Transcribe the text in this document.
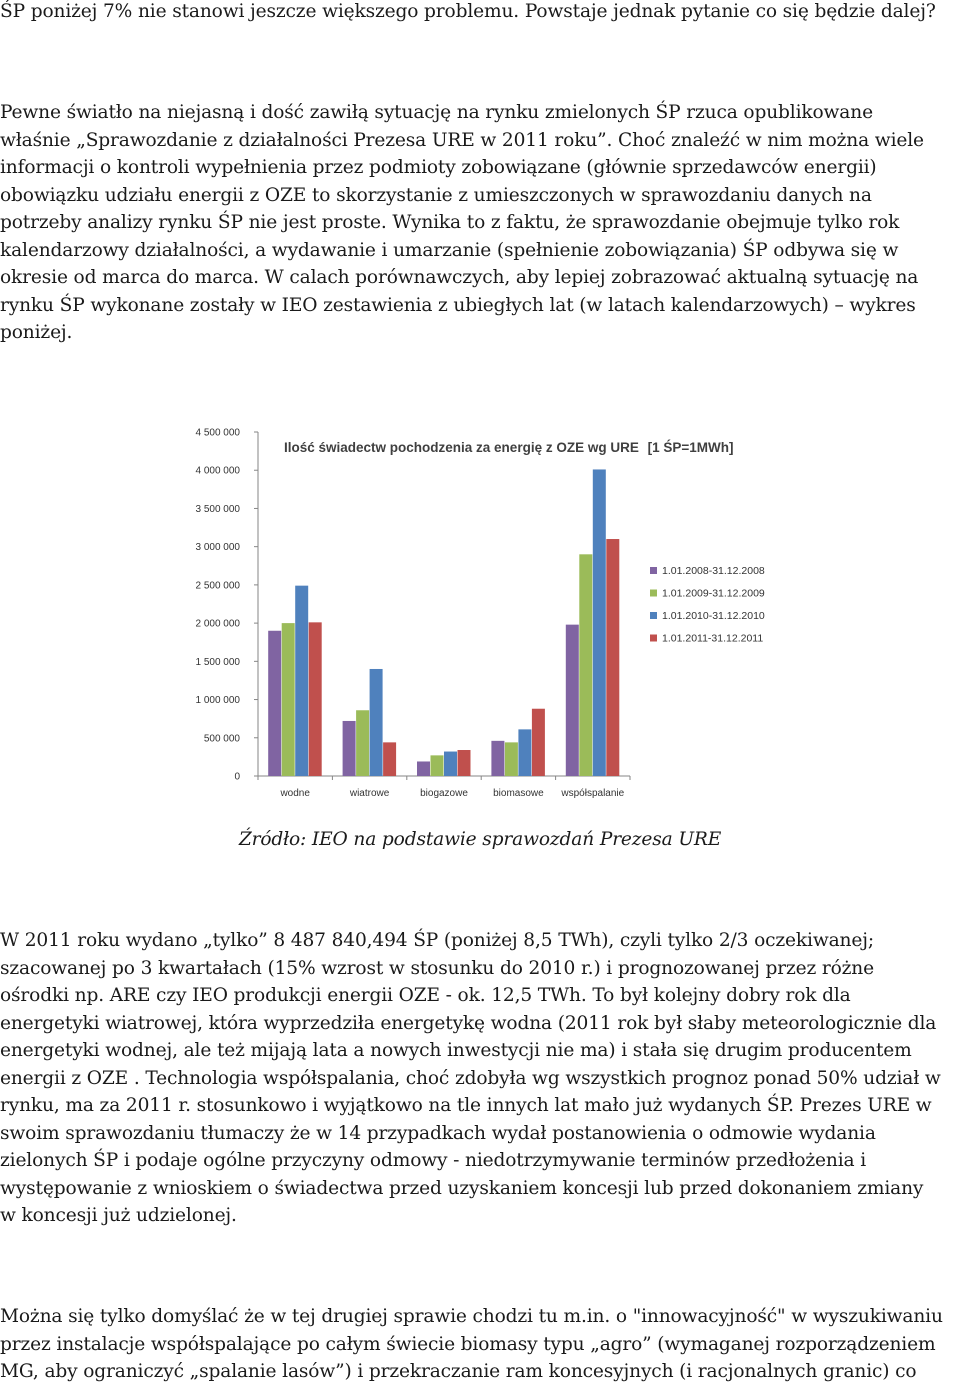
ŚP poniżej 7% nie stanowi jeszcze większego problemu. Powstaje jednak pytanie co się będzie dalej?
Pewne światło na niejasną i dość zawiłą sytuację na rynku zmielonych ŚP rzuca opublikowane
właśnie „Sprawozdanie z działalności Prezesa URE w 2011 roku”. Choć znaleźć w nim można wiele
informacji o kontroli wypełnienia przez podmioty zobowiązane (głównie sprzedawców energii)
obowiązku udziału energii z OZE to skorzystanie z umieszczonych w sprawozdaniu danych na
potrzeby analizy rynku ŚP nie jest proste. Wynika to z faktu, że sprawozdanie obejmuje tylko rok
kalendarzowy działalności, a wydawanie i umarzanie (spełnienie zobowiązania) ŚP odbywa się w
okresie od marca do marca. W calach porównawczych, aby lepiej zobrazować aktualną sytuację na
rynku ŚP wykonane zostały w IEO zestawienia z ubiegłych lat (w latach kalendarzowych) – wykres
poniżej.
0
500 000
1 000 000
1 500 000
2 000 000
2 500 000
3 000 000
3 500 000
4 000 000
4 500 000
wodne	wiatrowe	biogazowe	biomasowe współspalanie
1.01.2008-31.12.2008
1.01.2009-31.12.2009
1.01.2010-31.12.2010
1.01.2011-31.12.2011
Ilość świadectw pochodzenia za energię z OZE wg URE [1 ŚP=1MWh]
Źródło: IEO na podstawie sprawozdań Prezesa URE
W 2011 roku wydano „tylko” 8 487 840,494 ŚP (poniżej 8,5 TWh), czyli tylko 2/3 oczekiwanej;
szacowanej po 3 kwartałach (15% wzrost w stosunku do 2010 r.) i prognozowanej przez różne
ośrodki np. ARE czy IEO produkcji energii OZE - ok. 12,5 TWh. To był kolejny dobry rok dla
energetyki wiatrowej, która wyprzedziła energetykę wodna (2011 rok był słaby meteorologicznie dla
energetyki wodnej, ale też mijają lata a nowych inwestycji nie ma) i stała się drugim producentem
energii z OZE . Technologia współspalania, choć zdobyła wg wszystkich prognoz ponad 50% udział w
rynku, ma za 2011 r. stosunkowo i wyjątkowo na tle innych lat mało już wydanych ŚP. Prezes URE w
swoim sprawozdaniu tłumaczy że w 14 przypadkach wydał postanowienia o odmowie wydania
zielonych ŚP i podaje ogólne przyczyny odmowy - niedotrzymywanie terminów przedłożenia i
występowanie z wnioskiem o świadectwa przed uzyskaniem koncesji lub przed dokonaniem zmiany
w koncesji już udzielonej.
Można się tylko domyślać że w tej drugiej sprawie chodzi tu m.in. o "innowacyjność" w wyszukiwaniu
przez instalacje współspalające po całym świecie biomasy typu „agro” (wymaganej rozporządzeniem
MG, aby ograniczyć „spalanie lasów”) i przekraczanie ram koncesyjnych (i racjonalnych granic) co
